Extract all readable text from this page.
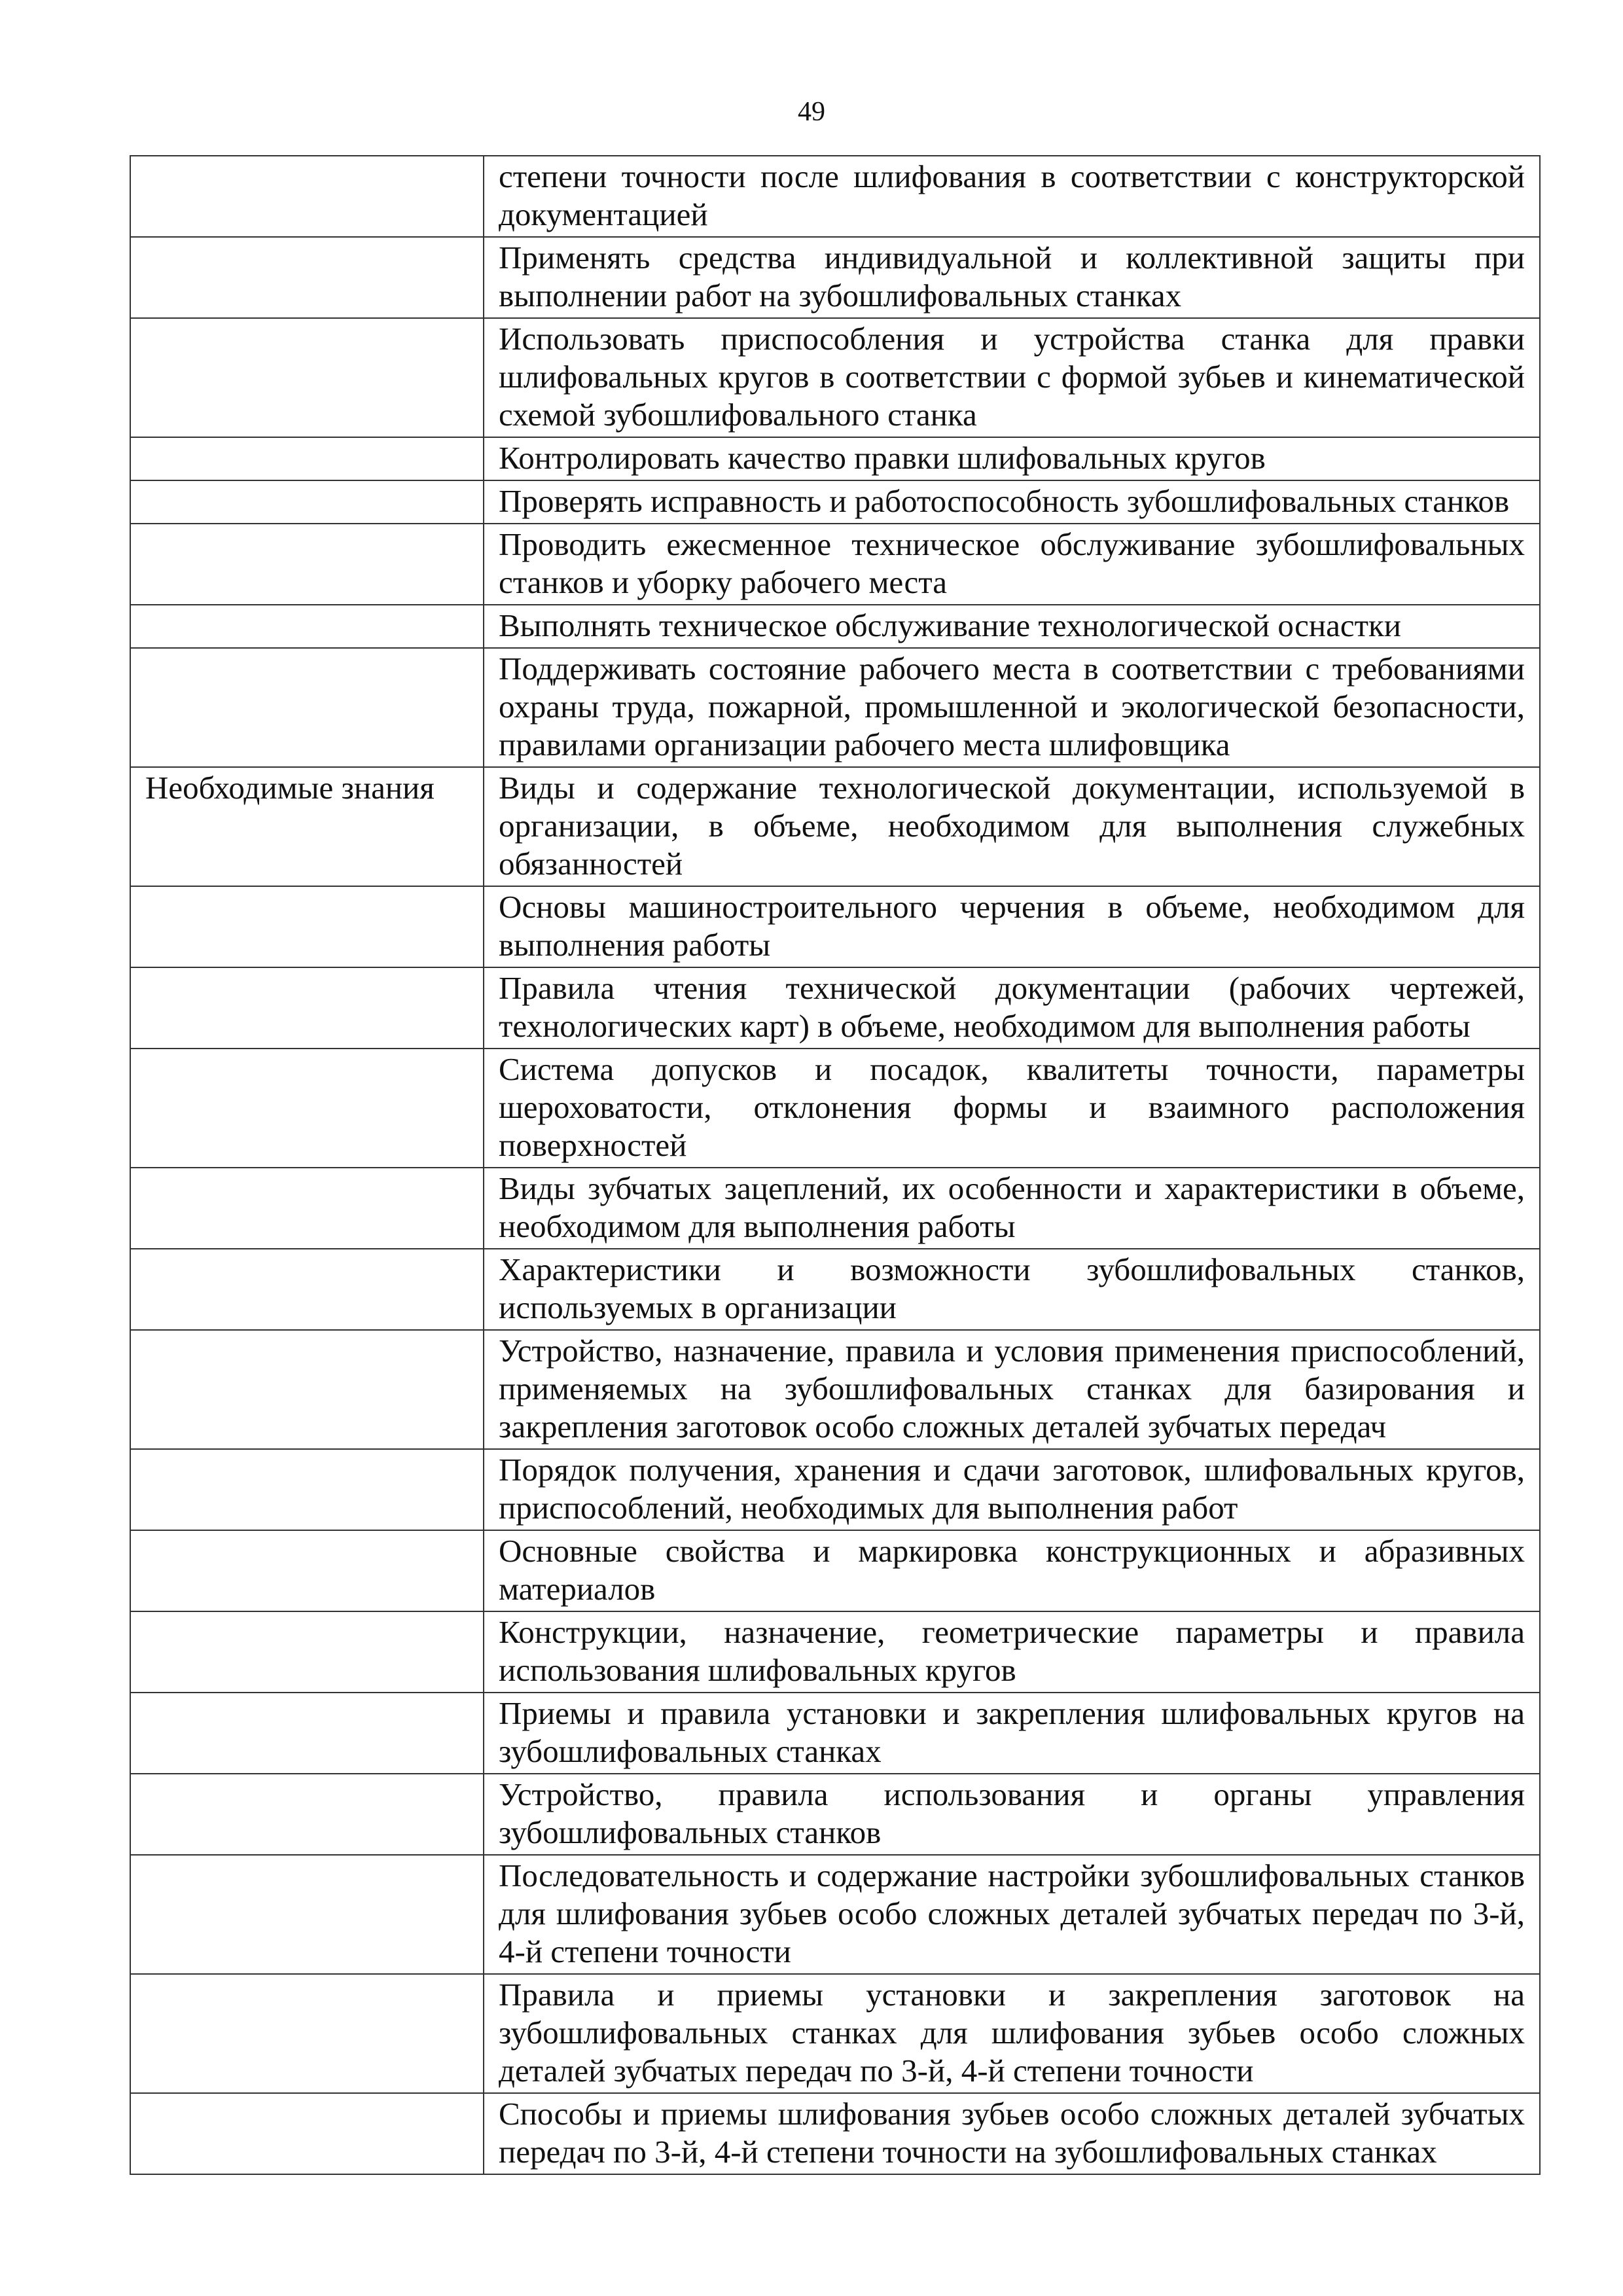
49
	степени точности после шлифования в соответствии с конструкторской документацией
	Применять средства индивидуальной и коллективной защиты при выполнении работ на зубошлифовальных станках
	Использовать приспособления и устройства станка для правки шлифовальных кругов в соответствии с формой зубьев и кинематической схемой зубошлифовального станка
	Контролировать качество правки шлифовальных кругов
	Проверять исправность и работоспособность зубошлифовальных станков
	Проводить ежесменное техническое обслуживание зубошлифовальных станков и уборку рабочего места
	Выполнять техническое обслуживание технологической оснастки
	Поддерживать состояние рабочего места в соответствии с требованиями охраны труда, пожарной, промышленной и экологической безопасности, правилами организации рабочего места шлифовщика
Необходимые знания	Виды и содержание технологической документации, используемой в организации, в объеме, необходимом для выполнения служебных обязанностей
	Основы машиностроительного черчения в объеме, необходимом для выполнения работы
	Правила чтения технической документации (рабочих чертежей, технологических карт) в объеме, необходимом для выполнения работы
	Система допусков и посадок, квалитеты точности, параметры шероховатости, отклонения формы и взаимного расположения поверхностей
	Виды зубчатых зацеплений, их особенности и характеристики в объеме, необходимом для выполнения работы
	Характеристики и возможности зубошлифовальных станков, используемых в организации
	Устройство, назначение, правила и условия применения приспособлений, применяемых на зубошлифовальных станках для базирования и закрепления заготовок особо сложных деталей зубчатых передач
	Порядок получения, хранения и сдачи заготовок, шлифовальных кругов, приспособлений, необходимых для выполнения работ
	Основные свойства и маркировка конструкционных и абразивных материалов
	Конструкции, назначение, геометрические параметры и правила использования шлифовальных кругов
	Приемы и правила установки и закрепления шлифовальных кругов на зубошлифовальных станках
	Устройство, правила использования и органы управления зубошлифовальных станков
	Последовательность и содержание настройки зубошлифовальных станков для шлифования зубьев особо сложных деталей зубчатых передач по 3-й, 4-й степени точности
	Правила и приемы установки и закрепления заготовок на зубошлифовальных станках для шлифования зубьев особо сложных деталей зубчатых передач по 3-й, 4-й степени точности
	Способы и приемы шлифования зубьев особо сложных деталей зубчатых передач по 3-й, 4-й степени точности на зубошлифовальных станках
